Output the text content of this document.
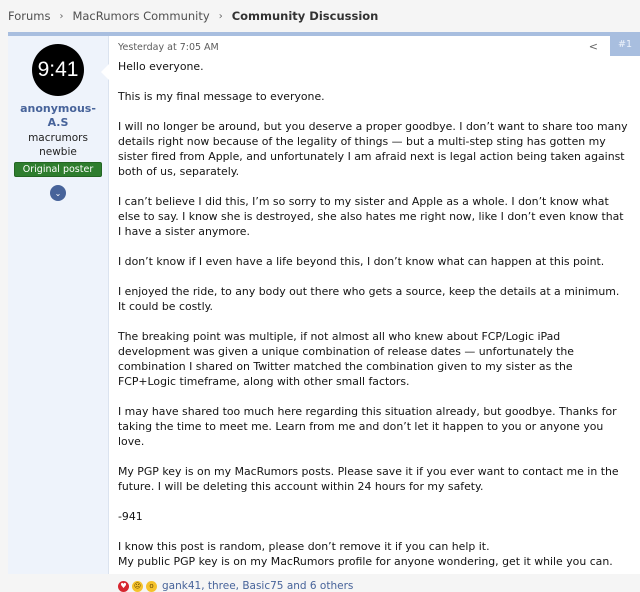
Forums › MacRumors Community › Community Discussion
9:41
anonymous-
A.S
macrumors
newbie
Original poster
⌄
Yesterday at 7:05 AM	<	#1

Hello everyone.

This is my final message to everyone.

I will no longer be around, but you deserve a proper goodbye. I don’t want to share too many details right now because of the legality of things — but a multi-step sting has gotten my sister fired from Apple, and unfortunately I am afraid next is legal action being taken against both of us, separately.

I can’t believe I did this, I’m so sorry to my sister and Apple as a whole. I don’t know what else to say. I know she is destroyed, she also hates me right now, like I don’t even know that I have a sister anymore.

I don’t know if I even have a life beyond this, I don’t know what can happen at this point.

I enjoyed the ride, to any body out there who gets a source, keep the details at a minimum. It could be costly.

The breaking point was multiple, if not almost all who knew about FCP/Logic iPad development was given a unique combination of release dates — unfortunately the combination I shared on Twitter matched the combination given to my sister as the FCP+Logic timeframe, along with other small factors.

I may have shared too much here regarding this situation already, but goodbye. Thanks for taking the time to meet me. Learn from me and don’t let it happen to you or anyone you love.

My PGP key is on my MacRumors posts. Please save it if you ever want to contact me in the future. I will be deleting this account within 24 hours for my safety.

-941

I know this post is random, please don’t remove it if you can help it.
My public PGP key is on my MacRumors profile for anyone wondering, get it while you can.

♥	☹	o gank41, three, Basic75 and 6 others
